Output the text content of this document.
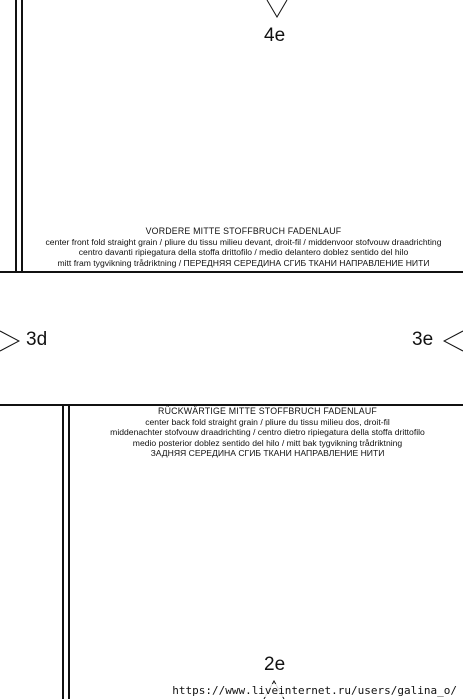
4e
3d	3e
2e
VORDERE MITTE STOFFBRUCH FADENLAUF
center front fold straight grain / pliure du tissu milieu devant, droit-fil / middenvoor stofvouw draadrichting
centro davanti ripiegatura della stoffa drittofilo / medio delantero doblez sentido del hilo
mitt fram tygvikning trådriktning / ПЕРЕДНЯЯ СЕРЕДИНА СГИБ ТКАНИ НАПРАВЛЕНИЕ НИТИ
RÜCKWÄRTIGE MITTE STOFFBRUCH FADENLAUF
center back fold straight grain / pliure du tissu milieu dos, droit-fil
middenachter stofvouw draadrichting / centro dietro ripiegatura della stoffa drittofilo
medio posterior doblez sentido del hilo / mitt bak tygvikning trådriktning
ЗАДНЯЯ СЕРЕДИНА СГИБ ТКАНИ НАПРАВЛЕНИЕ НИТИ
https://www.liveinternet.ru/users/galina_o/
